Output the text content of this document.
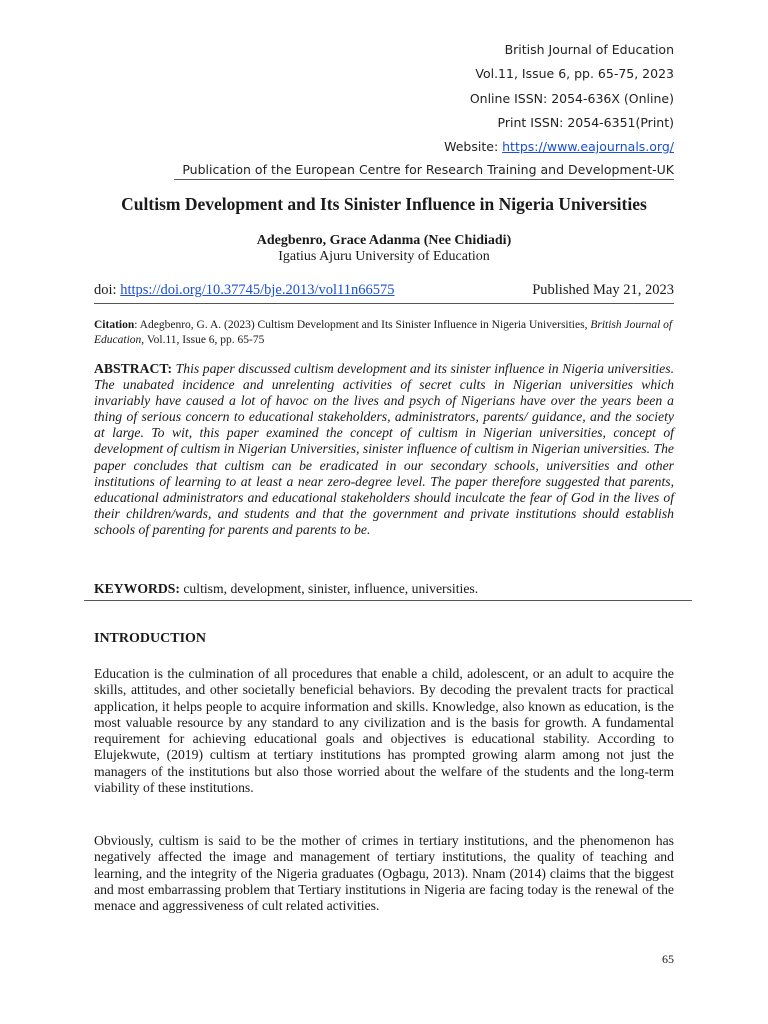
British Journal of Education
Vol.11, Issue 6, pp. 65-75, 2023
Online ISSN: 2054-636X (Online)
Print ISSN: 2054-6351(Print)
Website: https://www.eajournals.org/
Publication of the European Centre for Research Training and Development-UK
Cultism Development and Its Sinister Influence in Nigeria Universities
Adegbenro, Grace Adanma (Nee Chidiadi)
Igatius Ajuru University of Education
doi: https://doi.org/10.37745/bje.2013/vol11n66575	Published May 21, 2023
Citation: Adegbenro, G. A. (2023) Cultism Development and Its Sinister Influence in Nigeria Universities, British Journal of Education, Vol.11, Issue 6, pp. 65-75
ABSTRACT: This paper discussed cultism development and its sinister influence in Nigeria universities. The unabated incidence and unrelenting activities of secret cults in Nigerian universities which invariably have caused a lot of havoc on the lives and psych of Nigerians have over the years been a thing of serious concern to educational stakeholders, administrators, parents/ guidance, and the society at large. To wit, this paper examined the concept of cultism in Nigerian universities, concept of development of cultism in Nigerian Universities, sinister influence of cultism in Nigerian universities. The paper concludes that cultism can be eradicated in our secondary schools, universities and other institutions of learning to at least a near zero-degree level. The paper therefore suggested that parents, educational administrators and educational stakeholders should inculcate the fear of God in the lives of their children/wards, and students and that the government and private institutions should establish schools of parenting for parents and parents to be.
KEYWORDS: cultism, development, sinister, influence, universities.
INTRODUCTION

Education is the culmination of all procedures that enable a child, adolescent, or an adult to acquire the skills, attitudes, and other societally beneficial behaviors. By decoding the prevalent tracts for practical application, it helps people to acquire information and skills. Knowledge, also known as education, is the most valuable resource by any standard to any civilization and is the basis for growth. A fundamental requirement for achieving educational goals and objectives is educational stability. According to Elujekwute, (2019) cultism at tertiary institutions has prompted growing alarm among not just the managers of the institutions but also those worried about the welfare of the students and the long-term viability of these institutions.

Obviously, cultism is said to be the mother of crimes in tertiary institutions, and the phenomenon has negatively affected the image and management of tertiary institutions, the quality of teaching and learning, and the integrity of the Nigeria graduates (Ogbagu, 2013). Nnam (2014) claims that the biggest and most embarrassing problem that Tertiary institutions in Nigeria are facing today is the renewal of the menace and aggressiveness of cult related activities.

65
